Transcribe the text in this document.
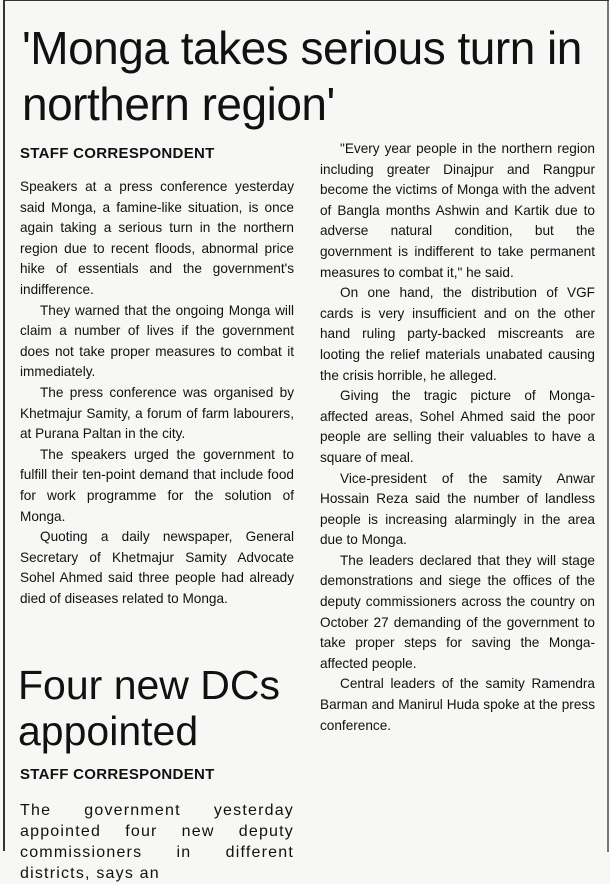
'Monga takes serious turn in northern region'
STAFF CORRESPONDENT

Speakers at a press conference yesterday said Monga, a famine-like situation, is once again taking a serious turn in the northern region due to recent floods, abnormal price hike of essentials and the government's indifference.

They warned that the ongoing Monga will claim a number of lives if the government does not take proper measures to combat it immediately.

The press conference was organised by Khetmajur Samity, a forum of farm labourers, at Purana Paltan in the city.

The speakers urged the government to fulfill their ten-point demand that include food for work programme for the solution of Monga.

Quoting a daily newspaper, General Secretary of Khetmajur Samity Advocate Sohel Ahmed said three people had already died of diseases related to Monga.

"Every year people in the northern region including greater Dinajpur and Rangpur become the victims of Monga with the advent of Bangla months Ashwin and Kartik due to adverse natural condition, but the government is indifferent to take permanent measures to combat it," he said.

On one hand, the distribution of VGF cards is very insufficient and on the other hand ruling party-backed miscreants are looting the relief materials unabated causing the crisis horrible, he alleged.

Giving the tragic picture of Monga-affected areas, Sohel Ahmed said the poor people are selling their valuables to have a square of meal.

Vice-president of the samity Anwar Hossain Reza said the number of landless people is increasing alarmingly in the area due to Monga.

The leaders declared that they will stage demonstrations and siege the offices of the deputy commissioners across the country on October 27 demanding of the government to take proper steps for saving the Monga-affected people.

Central leaders of the samity Ramendra Barman and Manirul Huda spoke at the press conference.

Four new DCs appointed
STAFF CORRESPONDENT

The government yesterday appointed four new deputy commissioners in different districts, says an
